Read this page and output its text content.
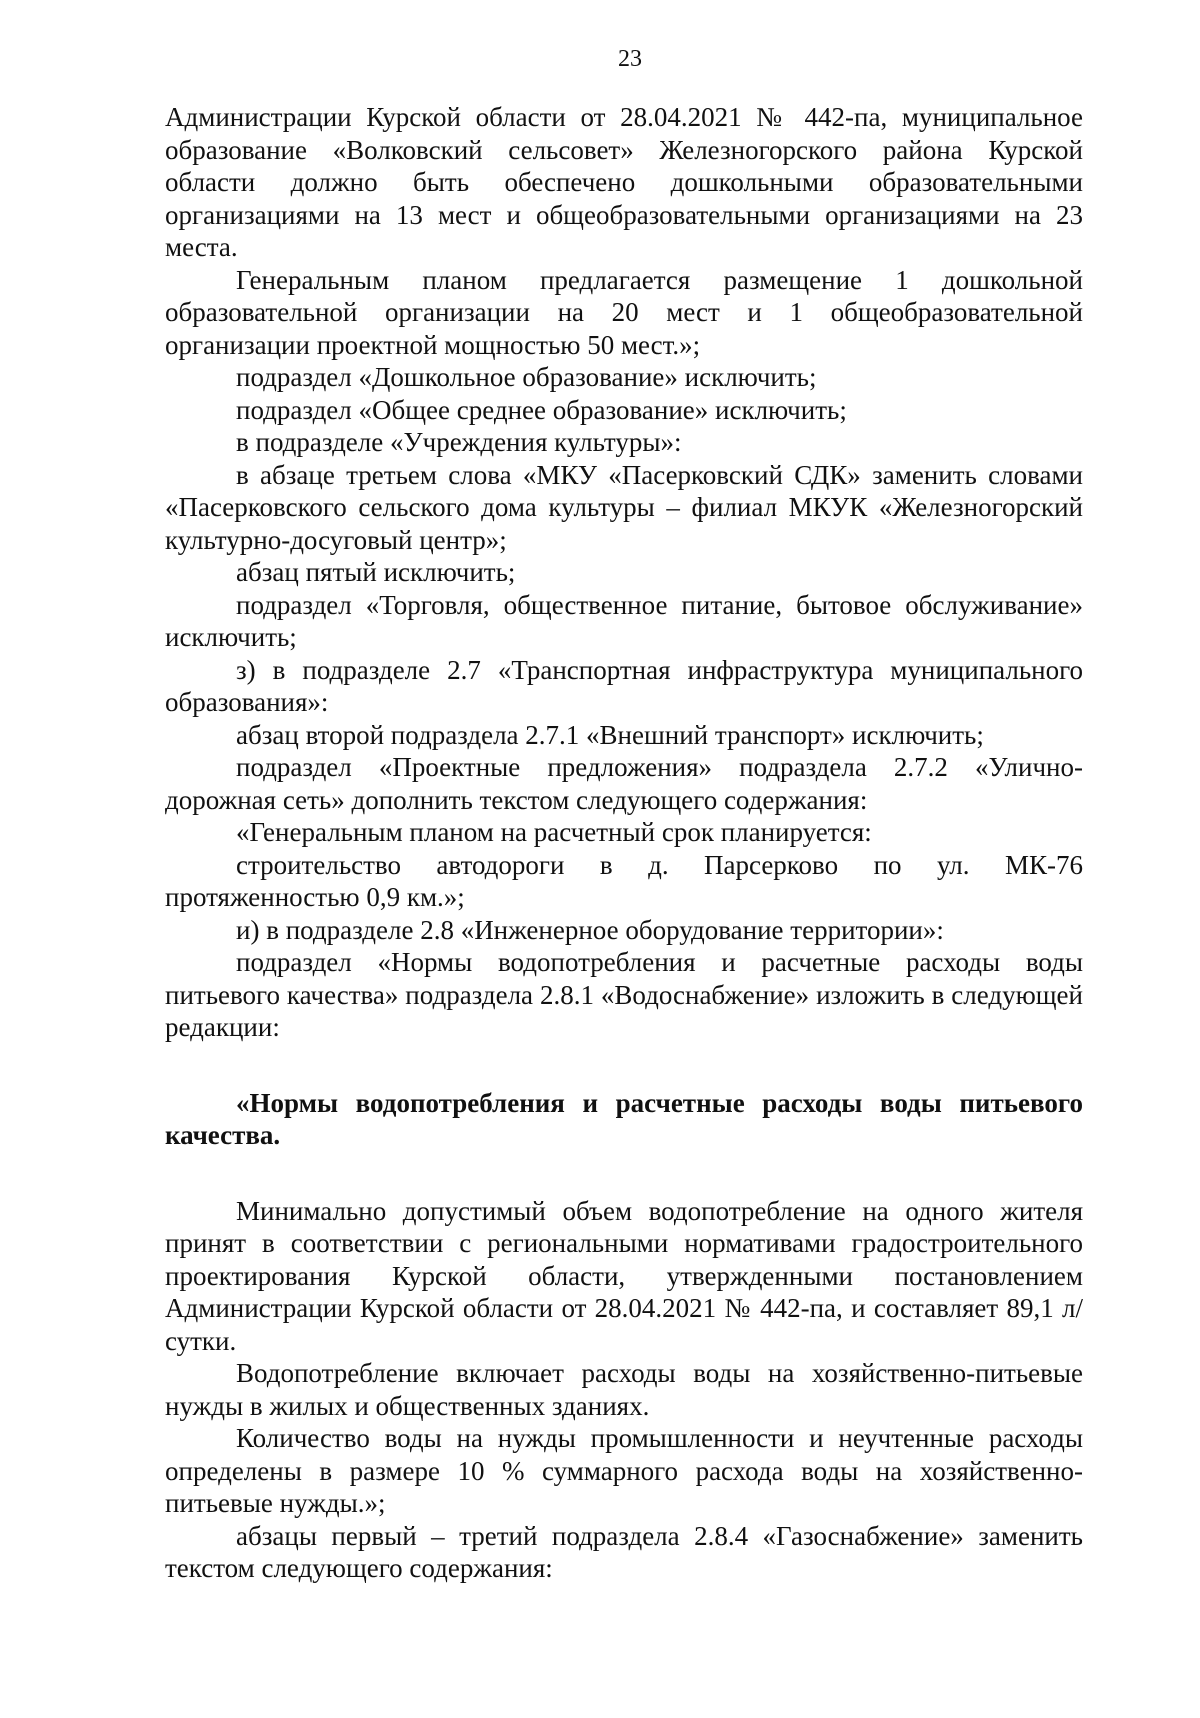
23

Администрации Курской области от 28.04.2021 № 442-па, муниципальное образование «Волковский сельсовет» Железногорского района Курской области должно быть обеспечено дошкольными образовательными организациями на 13 мест и общеобразовательными организациями на 23 места.

Генеральным планом предлагается размещение 1 дошкольной образовательной организации на 20 мест и 1 общеобразовательной организации проектной мощностью 50 мест.»;

подраздел «Дошкольное образование» исключить;

подраздел «Общее среднее образование» исключить;

в подразделе «Учреждения культуры»:

в абзаце третьем слова «МКУ «Пасерковский СДК» заменить словами «Пасерковского сельского дома культуры – филиал МКУК «Железногорский культурно-досуговый центр»;

абзац пятый исключить;

подраздел «Торговля, общественное питание, бытовое обслуживание» исключить;

з) в подразделе 2.7 «Транспортная инфраструктура муниципального образования»:

абзац второй подраздела 2.7.1 «Внешний транспорт» исключить;

подраздел «Проектные предложения» подраздела 2.7.2 «Улично-дорожная сеть» дополнить текстом следующего содержания:

«Генеральным планом на расчетный срок планируется:

строительство автодороги в д. Парсерково по ул. МК-76 протяженностью 0,9 км.»;

и) в подразделе 2.8 «Инженерное оборудование территории»:

подраздел «Нормы водопотребления и расчетные расходы воды питьевого качества» подраздела 2.8.1 «Водоснабжение» изложить в следующей редакции:

«Нормы водопотребления и расчетные расходы воды питьевого качества.

Минимально допустимый объем водопотребление на одного жителя принят в соответствии с региональными нормативами градостроительного проектирования Курской области, утвержденными постановлением Администрации Курской области от 28.04.2021 № 442-па, и составляет 89,1 л/сутки.

Водопотребление включает расходы воды на хозяйственно-питьевые нужды в жилых и общественных зданиях.

Количество воды на нужды промышленности и неучтенные расходы определены в размере 10 % суммарного расхода воды на хозяйственно-питьевые нужды.»;

абзацы первый – третий подраздела 2.8.4 «Газоснабжение» заменить текстом следующего содержания:
